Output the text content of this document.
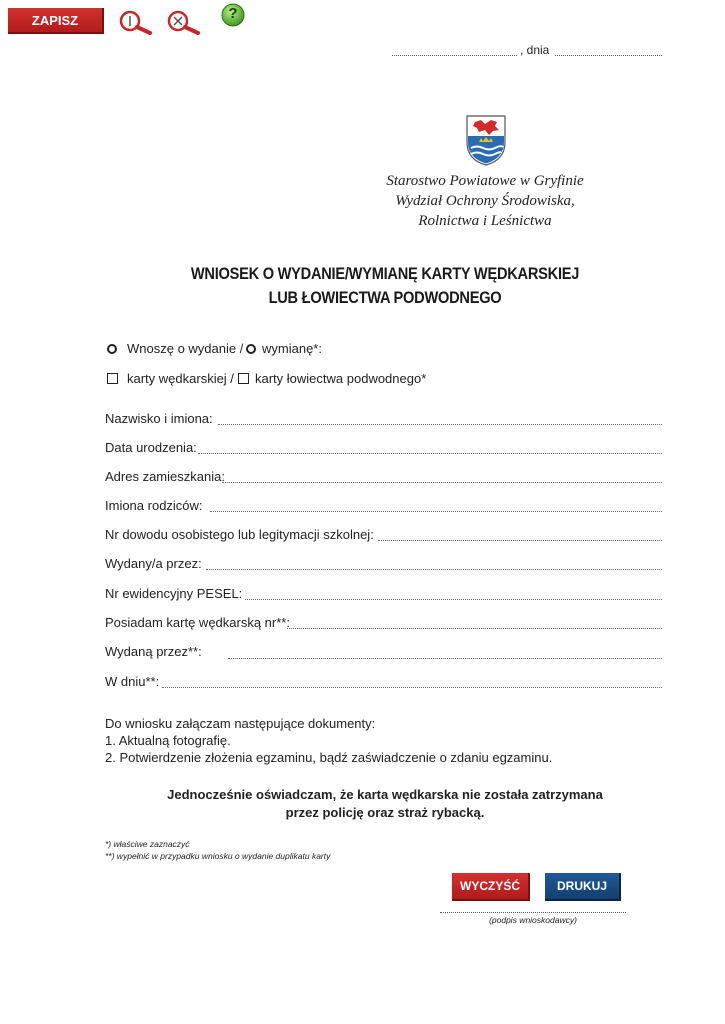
ZAPISZ	?
, dnia
Starostwo Powiatowe w Gryfinie
Wydział Ochrony Środowiska,
Rolnictwa i Leśnictwa
WNIOSEK O WYDANIE/WYMIANĘ KARTY WĘDKARSKIEJ
LUB ŁOWIECTWA PODWODNEGO
Wnoszę o wydanie / wymianę*:
karty wędkarskiej / karty łowiectwa podwodnego*
Nazwisko i imiona:
Data urodzenia:
Adres zamieszkania:
Imiona rodziców:
Nr dowodu osobistego lub legitymacji szkolnej:
Wydany/a przez:
Nr ewidencyjny PESEL:
Posiadam kartę wędkarską nr**:
Wydaną przez**:
W dniu**:
Do wniosku załączam następujące dokumenty:
1. Aktualną fotografię.
2. Potwierdzenie złożenia egzaminu, bądź zaświadczenie o zdaniu egzaminu.
Jednocześnie oświadczam, że karta wędkarska nie została zatrzymana
przez policję oraz straż rybacką.
*) właściwe zaznaczyć
**) wypełnić w przypadku wniosku o wydanie duplikatu karty
WYCZYŚĆ	DRUKUJ
(podpis wnioskodawcy)
